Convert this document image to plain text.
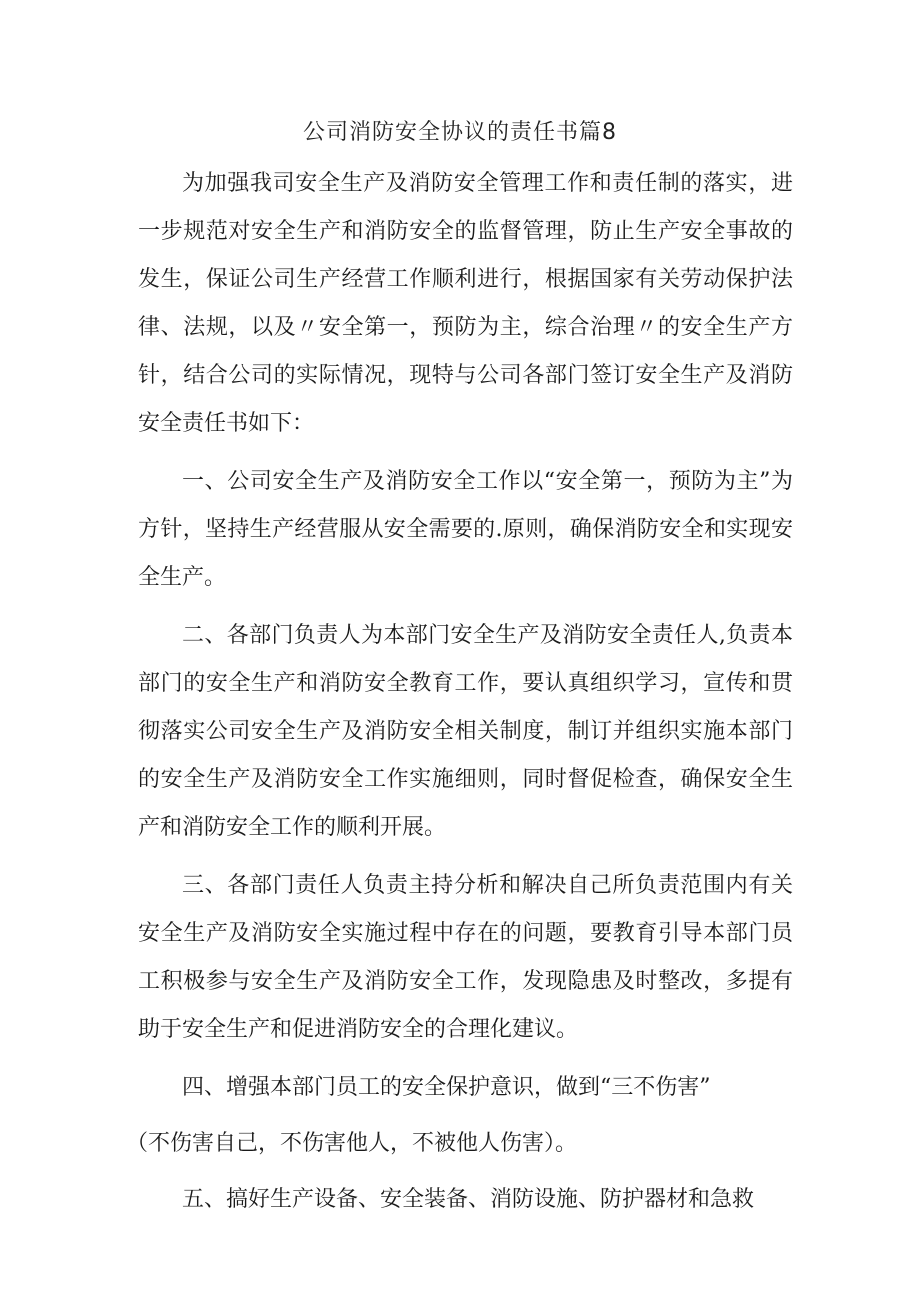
公司消防安全协议的责任书篇8

为加强我司安全生产及消防安全管理工作和责任制的落实，进一步规范对安全生产和消防安全的监督管理，防止生产安全事故的发生，保证公司生产经营工作顺利进行，根据国家有关劳动保护法律、法规，以及〃安全第一，预防为主，综合治理〃的安全生产方针，结合公司的实际情况，现特与公司各部门签订安全生产及消防安全责任书如下：

一、公司安全生产及消防安全工作以“安全第一，预防为主”为方针，坚持生产经营服从安全需要的.原则，确保消防安全和实现安全生产。

二、各部门负责人为本部门安全生产及消防安全责任人,负责本部门的安全生产和消防安全教育工作，要认真组织学习，宣传和贯彻落实公司安全生产及消防安全相关制度，制订并组织实施本部门的安全生产及消防安全工作实施细则，同时督促检查，确保安全生产和消防安全工作的顺利开展。

三、各部门责任人负责主持分析和解决自己所负责范围内有关安全生产及消防安全实施过程中存在的问题，要教育引导本部门员工积极参与安全生产及消防安全工作，发现隐患及时整改，多提有助于安全生产和促进消防安全的合理化建议。

四、增强本部门员工的安全保护意识，做到“三不伤害”

（不伤害自己，不伤害他人，不被他人伤害）。

五、搞好生产设备、安全装备、消防设施、防护器材和急救
